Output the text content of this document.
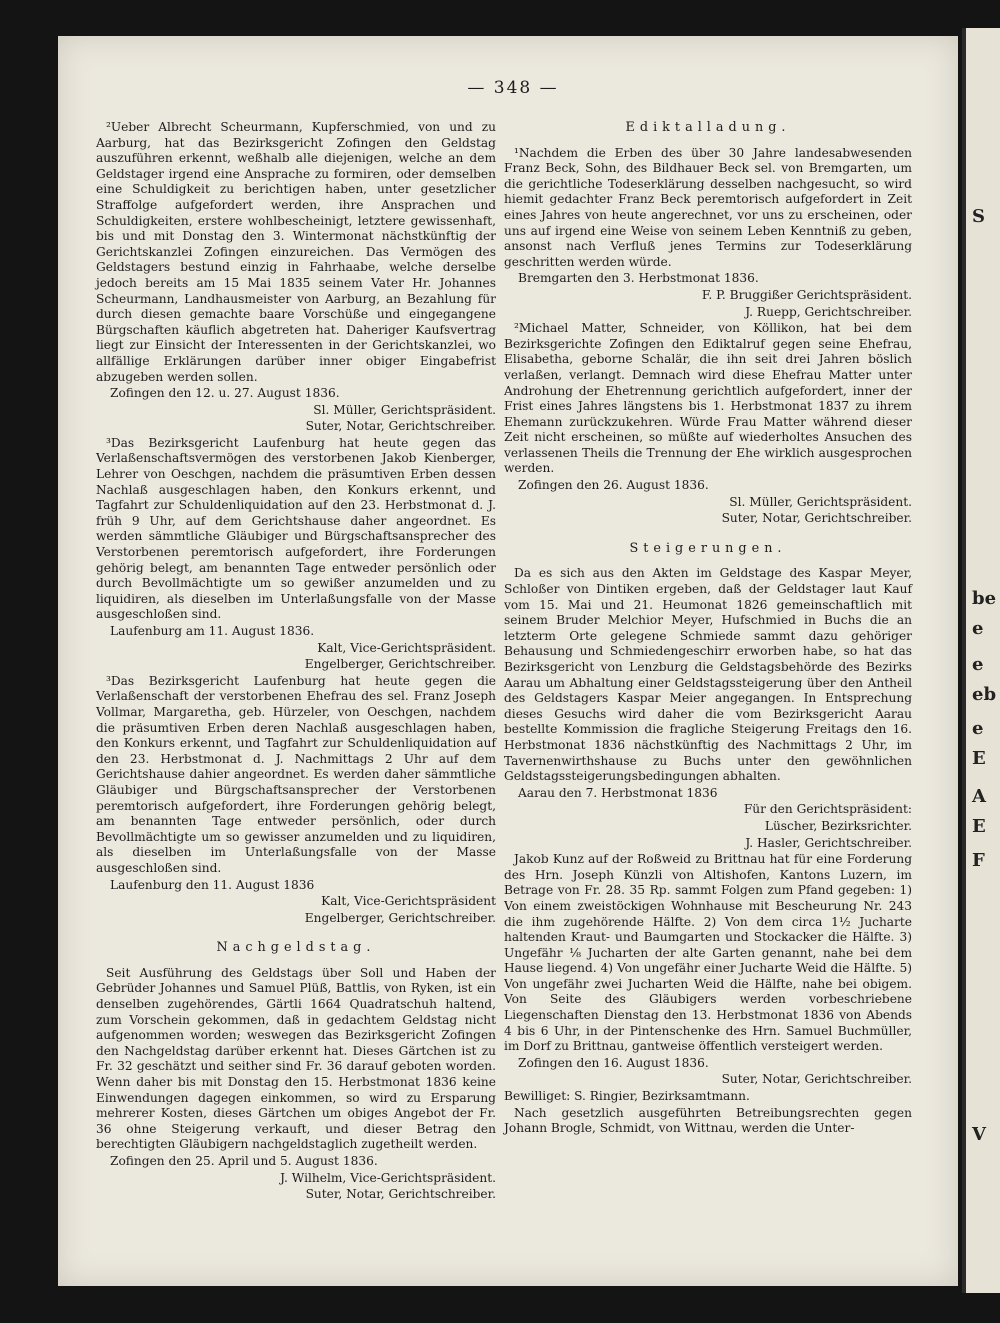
S
be
e
e
eb
e
E
A
E
F
V
— 348 —

²Ueber Albrecht Scheurmann, Kupferschmied, von und zu Aarburg, hat das Bezirksgericht Zofingen den Geldstag auszuführen erkennt, weßhalb alle diejenigen, welche an dem Geldstager irgend eine Ansprache zu formiren, oder demselben eine Schuldigkeit zu berichtigen haben, unter gesetzlicher Straffolge aufgefordert werden, ihre Ansprachen und Schuldigkeiten, erstere wohlbescheinigt, letztere gewissenhaft, bis und mit Donstag den 3. Wintermonat nächstkünftig der Gerichtskanzlei Zofingen einzureichen. Das Vermögen des Geldstagers bestund einzig in Fahrhaabe, welche derselbe jedoch bereits am 15 Mai 1835 seinem Vater Hr. Johannes Scheurmann, Landhausmeister von Aarburg, an Bezahlung für durch diesen gemachte baare Vorschüße und eingegangene Bürgschaften käuflich abgetreten hat. Daheriger Kaufsvertrag liegt zur Einsicht der Interessenten in der Gerichtskanzlei, wo allfällige Erklärungen darüber inner obiger Eingabefrist abzugeben werden sollen.

Zofingen den 12. u. 27. August 1836.
Sl. Müller, Gerichtspräsident.
Suter, Notar, Gerichtschreiber.

³Das Bezirksgericht Laufenburg hat heute gegen das Verlaßenschaftsvermögen des verstorbenen Jakob Kienberger, Lehrer von Oeschgen, nachdem die präsumtiven Erben dessen Nachlaß ausgeschlagen haben, den Konkurs erkennt, und Tagfahrt zur Schuldenliquidation auf den 23. Herbstmonat d. J. früh 9 Uhr, auf dem Gerichtshause daher angeordnet. Es werden sämmtliche Gläubiger und Bürgschaftsansprecher des Verstorbenen peremtorisch aufgefordert, ihre Forderungen gehörig belegt, am benannten Tage entweder persönlich oder durch Bevollmächtigte um so gewißer anzumelden und zu liquidiren, als dieselben im Unterlaßungsfalle von der Masse ausgeschloßen sind.

Laufenburg am 11. August 1836.
Kalt, Vice-Gerichtspräsident.
Engelberger, Gerichtschreiber.

³Das Bezirksgericht Laufenburg hat heute gegen die Verlaßenschaft der verstorbenen Ehefrau des sel. Franz Joseph Vollmar, Margaretha, geb. Hürzeler, von Oeschgen, nachdem die präsumtiven Erben deren Nachlaß ausgeschlagen haben, den Konkurs erkennt, und Tagfahrt zur Schuldenliquidation auf den 23. Herbstmonat d. J. Nachmittags 2 Uhr auf dem Gerichtshause dahier angeordnet. Es werden daher sämmtliche Gläubiger und Bürgschaftsansprecher der Verstorbenen peremtorisch aufgefordert, ihre Forderungen gehörig belegt, am benannten Tage entweder persönlich, oder durch Bevollmächtigte um so gewisser anzumelden und zu liquidiren, als dieselben im Unterlaßungsfalle von der Masse ausgeschloßen sind.

Laufenburg den 11. August 1836
Kalt, Vice-Gerichtspräsident
Engelberger, Gerichtschreiber.
Nachgeldstag.

Seit Ausführung des Geldstags über Soll und Haben der Gebrüder Johannes und Samuel Plüß, Battlis, von Ryken, ist ein denselben zugehörendes, Gärtli 1664 Quadratschuh haltend, zum Vorschein gekommen, daß in gedachtem Geldstag nicht aufgenommen worden; weswegen das Bezirksgericht Zofingen den Nachgeldstag darüber erkennt hat. Dieses Gärtchen ist zu Fr. 32 geschätzt und seither sind Fr. 36 darauf geboten worden. Wenn daher bis mit Donstag den 15. Herbstmonat 1836 keine Einwendungen dagegen einkommen, so wird zu Ersparung mehrerer Kosten, dieses Gärtchen um obiges Angebot der Fr. 36 ohne Steigerung verkauft, und dieser Betrag den berechtigten Gläubigern nachgeldstaglich zugetheilt werden.

Zofingen den 25. April und 5. August 1836.
J. Wilhelm, Vice-Gerichtspräsident.
Suter, Notar, Gerichtschreiber.
Ediktalladung.

¹Nachdem die Erben des über 30 Jahre landesabwesenden Franz Beck, Sohn, des Bildhauer Beck sel. von Bremgarten, um die gerichtliche Todeserklärung desselben nachgesucht, so wird hiemit gedachter Franz Beck peremtorisch aufgefordert in Zeit eines Jahres von heute angerechnet, vor uns zu erscheinen, oder uns auf irgend eine Weise von seinem Leben Kenntniß zu geben, ansonst nach Verfluß jenes Termins zur Todeserklärung geschritten werden würde.

Bremgarten den 3. Herbstmonat 1836.
F. P. Bruggißer Gerichtspräsident.
J. Ruepp, Gerichtschreiber.

²Michael Matter, Schneider, von Köllikon, hat bei dem Bezirksgerichte Zofingen den Ediktalruf gegen seine Ehefrau, Elisabetha, geborne Schalär, die ihn seit drei Jahren böslich verlaßen, verlangt. Demnach wird diese Ehefrau Matter unter Androhung der Ehetrennung gerichtlich aufgefordert, inner der Frist eines Jahres längstens bis 1. Herbstmonat 1837 zu ihrem Ehemann zurückzukehren. Würde Frau Matter während dieser Zeit nicht erscheinen, so müßte auf wiederholtes Ansuchen des verlassenen Theils die Trennung der Ehe wirklich ausgesprochen werden.

Zofingen den 26. August 1836.
Sl. Müller, Gerichtspräsident.
Suter, Notar, Gerichtschreiber.
Steigerungen.

Da es sich aus den Akten im Geldstage des Kaspar Meyer, Schloßer von Dintiken ergeben, daß der Geldstager laut Kauf vom 15. Mai und 21. Heumonat 1826 gemeinschaftlich mit seinem Bruder Melchior Meyer, Hufschmied in Buchs die an letzterm Orte gelegene Schmiede sammt dazu gehöriger Behausung und Schmiedengeschirr erworben habe, so hat das Bezirksgericht von Lenzburg die Geldstagsbehörde des Bezirks Aarau um Abhaltung einer Geldstagssteigerung über den Antheil des Geldstagers Kaspar Meier angegangen. In Entsprechung dieses Gesuchs wird daher die vom Bezirksgericht Aarau bestellte Kommission die fragliche Steigerung Freitags den 16. Herbstmonat 1836 nächstkünftig des Nachmittags 2 Uhr, im Tavernenwirthshause zu Buchs unter den gewöhnlichen Geldstagssteigerungsbedingungen abhalten.

Aarau den 7. Herbstmonat 1836
Für den Gerichtspräsident:
Lüscher, Bezirksrichter.
J. Hasler, Gerichtschreiber.

Jakob Kunz auf der Roßweid zu Brittnau hat für eine Forderung des Hrn. Joseph Künzli von Altishofen, Kantons Luzern, im Betrage von Fr. 28. 35 Rp. sammt Folgen zum Pfand gegeben: 1) Von einem zweistöckigen Wohnhause mit Bescheurung Nr. 243 die ihm zugehörende Hälfte. 2) Von dem circa 1½ Jucharte haltenden Kraut- und Baumgarten und Stockacker die Hälfte. 3) Ungefähr ⅛ Jucharten der alte Garten genannt, nahe bei dem Hause liegend. 4) Von ungefähr einer Jucharte Weid die Hälfte. 5) Von ungefähr zwei Jucharten Weid die Hälfte, nahe bei obigem. Von Seite des Gläubigers werden vorbeschriebene Liegenschaften Dienstag den 13. Herbstmonat 1836 von Abends 4 bis 6 Uhr, in der Pintenschenke des Hrn. Samuel Buchmüller, im Dorf zu Brittnau, gantweise öffentlich versteigert werden.

Zofingen den 16. August 1836.
Suter, Notar, Gerichtschreiber.
Bewilliget: S. Ringier, Bezirksamtmann.

Nach gesetzlich ausgeführten Betreibungsrechten gegen Johann Brogle, Schmidt, von Wittnau, werden die Unter-
